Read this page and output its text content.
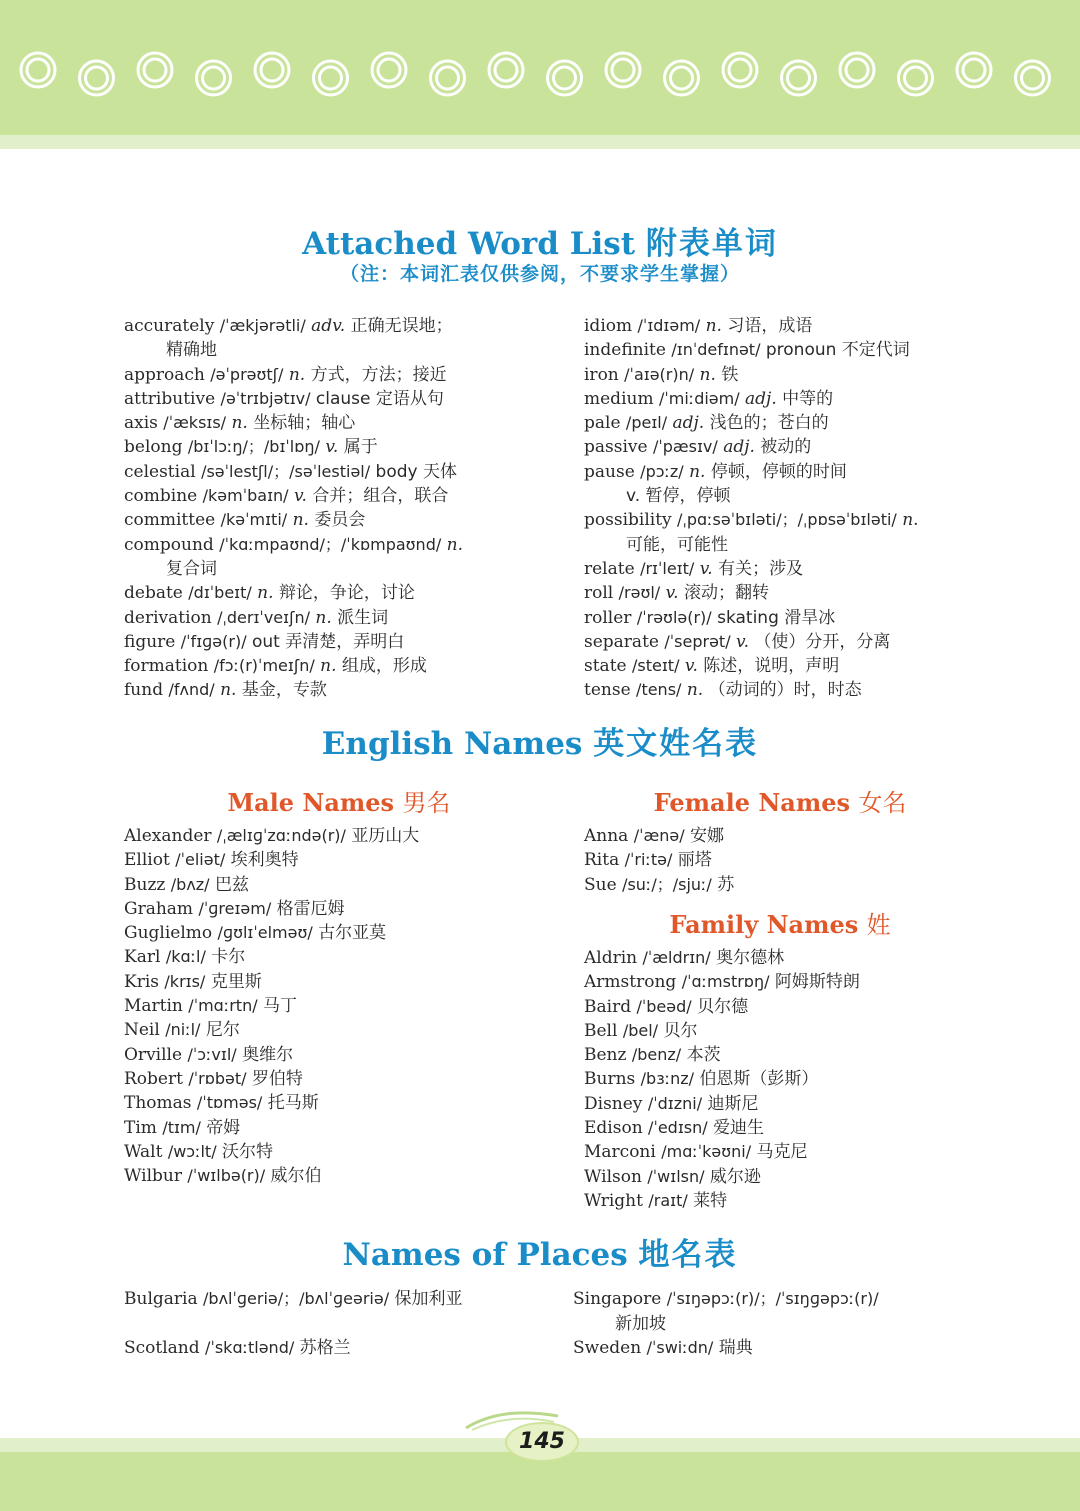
Attached Word List 附表单词
（注：本词汇表仅供参阅，不要求学生掌握）
accurately /ˈækjərətli/ adv. 正确无误地；
精确地
approach /əˈprəʊtʃ/ n. 方式，方法；接近
attributive /əˈtrɪbjətɪv/ clause 定语从句
axis /ˈæksɪs/ n. 坐标轴；轴心
belong /bɪˈlɔːŋ/；/bɪˈlɒŋ/ v. 属于
celestial /səˈlestʃl/；/səˈlestiəl/ body 天体
combine /kəmˈbaɪn/ v. 合并；组合，联合
committee /kəˈmɪti/ n. 委员会
compound /ˈkɑːmpaʊnd/；/ˈkɒmpaʊnd/ n.
复合词
debate /dɪˈbeɪt/ n. 辩论，争论，讨论
derivation /ˌderɪˈveɪʃn/ n. 派生词
figure /ˈfɪɡə(r)/ out 弄清楚，弄明白
formation /fɔː(r)ˈmeɪʃn/ n. 组成，形成
fund /fʌnd/ n. 基金，专款
idiom /ˈɪdɪəm/ n. 习语，成语
indefinite /ɪnˈdefɪnət/ pronoun 不定代词
iron /ˈaɪə(r)n/ n. 铁
medium /ˈmiːdiəm/ adj. 中等的
pale /peɪl/ adj. 浅色的；苍白的
passive /ˈpæsɪv/ adj. 被动的
pause /pɔːz/ n. 停顿，停顿的时间
v. 暂停，停顿
possibility /ˌpɑːsəˈbɪləti/；/ˌpɒsəˈbɪləti/ n.
可能，可能性
relate /rɪˈleɪt/ v. 有关；涉及
roll /rəʊl/ v. 滚动；翻转
roller /ˈrəʊlə(r)/ skating 滑旱冰
separate /ˈseprət/ v. （使）分开，分离
state /steɪt/ v. 陈述，说明，声明
tense /tens/ n. （动词的）时，时态
English Names 英文姓名表
Male Names 男名	Female Names 女名
Alexander /ˌælɪɡˈzɑːndə(r)/ 亚历山大
Elliot /ˈeliət/ 埃利奥特
Buzz /bʌz/ 巴兹
Graham /ˈɡreɪəm/ 格雷厄姆
Guglielmo /ɡʊlɪˈelməʊ/ 古尔亚莫
Karl /kɑːl/ 卡尔
Kris /krɪs/ 克里斯
Martin /ˈmɑːrtn/ 马丁
Neil /niːl/ 尼尔
Orville /ˈɔːvɪl/ 奥维尔
Robert /ˈrɒbət/ 罗伯特
Thomas /ˈtɒməs/ 托马斯
Tim /tɪm/ 帝姆
Walt /wɔːlt/ 沃尔特
Wilbur /ˈwɪlbə(r)/ 威尔伯
Anna /ˈænə/ 安娜
Rita /ˈriːtə/ 丽塔
Sue /suː/；/sjuː/ 苏
Family Names 姓
Aldrin /ˈældrɪn/ 奥尔德林
Armstrong /ˈɑːmstrɒŋ/ 阿姆斯特朗
Baird /ˈbeəd/ 贝尔德
Bell /bel/ 贝尔
Benz /benz/ 本茨
Burns /bɜːnz/ 伯恩斯（彭斯）
Disney /ˈdɪzni/ 迪斯尼
Edison /ˈedɪsn/ 爱迪生
Marconi /mɑːˈkəʊni/ 马克尼
Wilson /ˈwɪlsn/ 威尔逊
Wright /raɪt/ 莱特
Names of Places 地名表
Bulgaria /bʌlˈɡeriə/；/bʌlˈɡeəriə/ 保加利亚
Scotland /ˈskɑːtlənd/ 苏格兰
Singapore /ˈsɪŋəpɔː(r)/；/ˈsɪŋɡəpɔː(r)/
新加坡
Sweden /ˈswiːdn/ 瑞典
145
